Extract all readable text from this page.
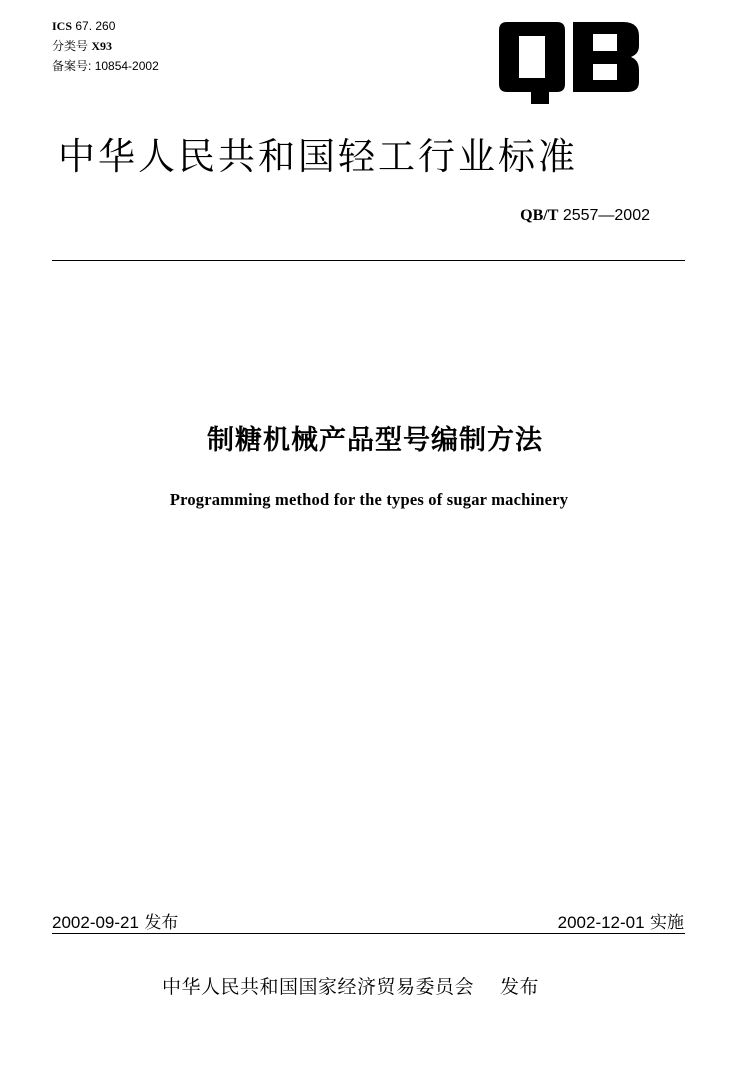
ICS 67. 260
分类号 X93
备案号: 10854-2002
中华人民共和国轻工行业标准
QB/T 2557—2002
制糖机械产品型号编制方法
Programming method for the types of sugar machinery
2002-09-21 发布	2002-12-01 实施
中华人民共和国国家经济贸易委员会 发布
